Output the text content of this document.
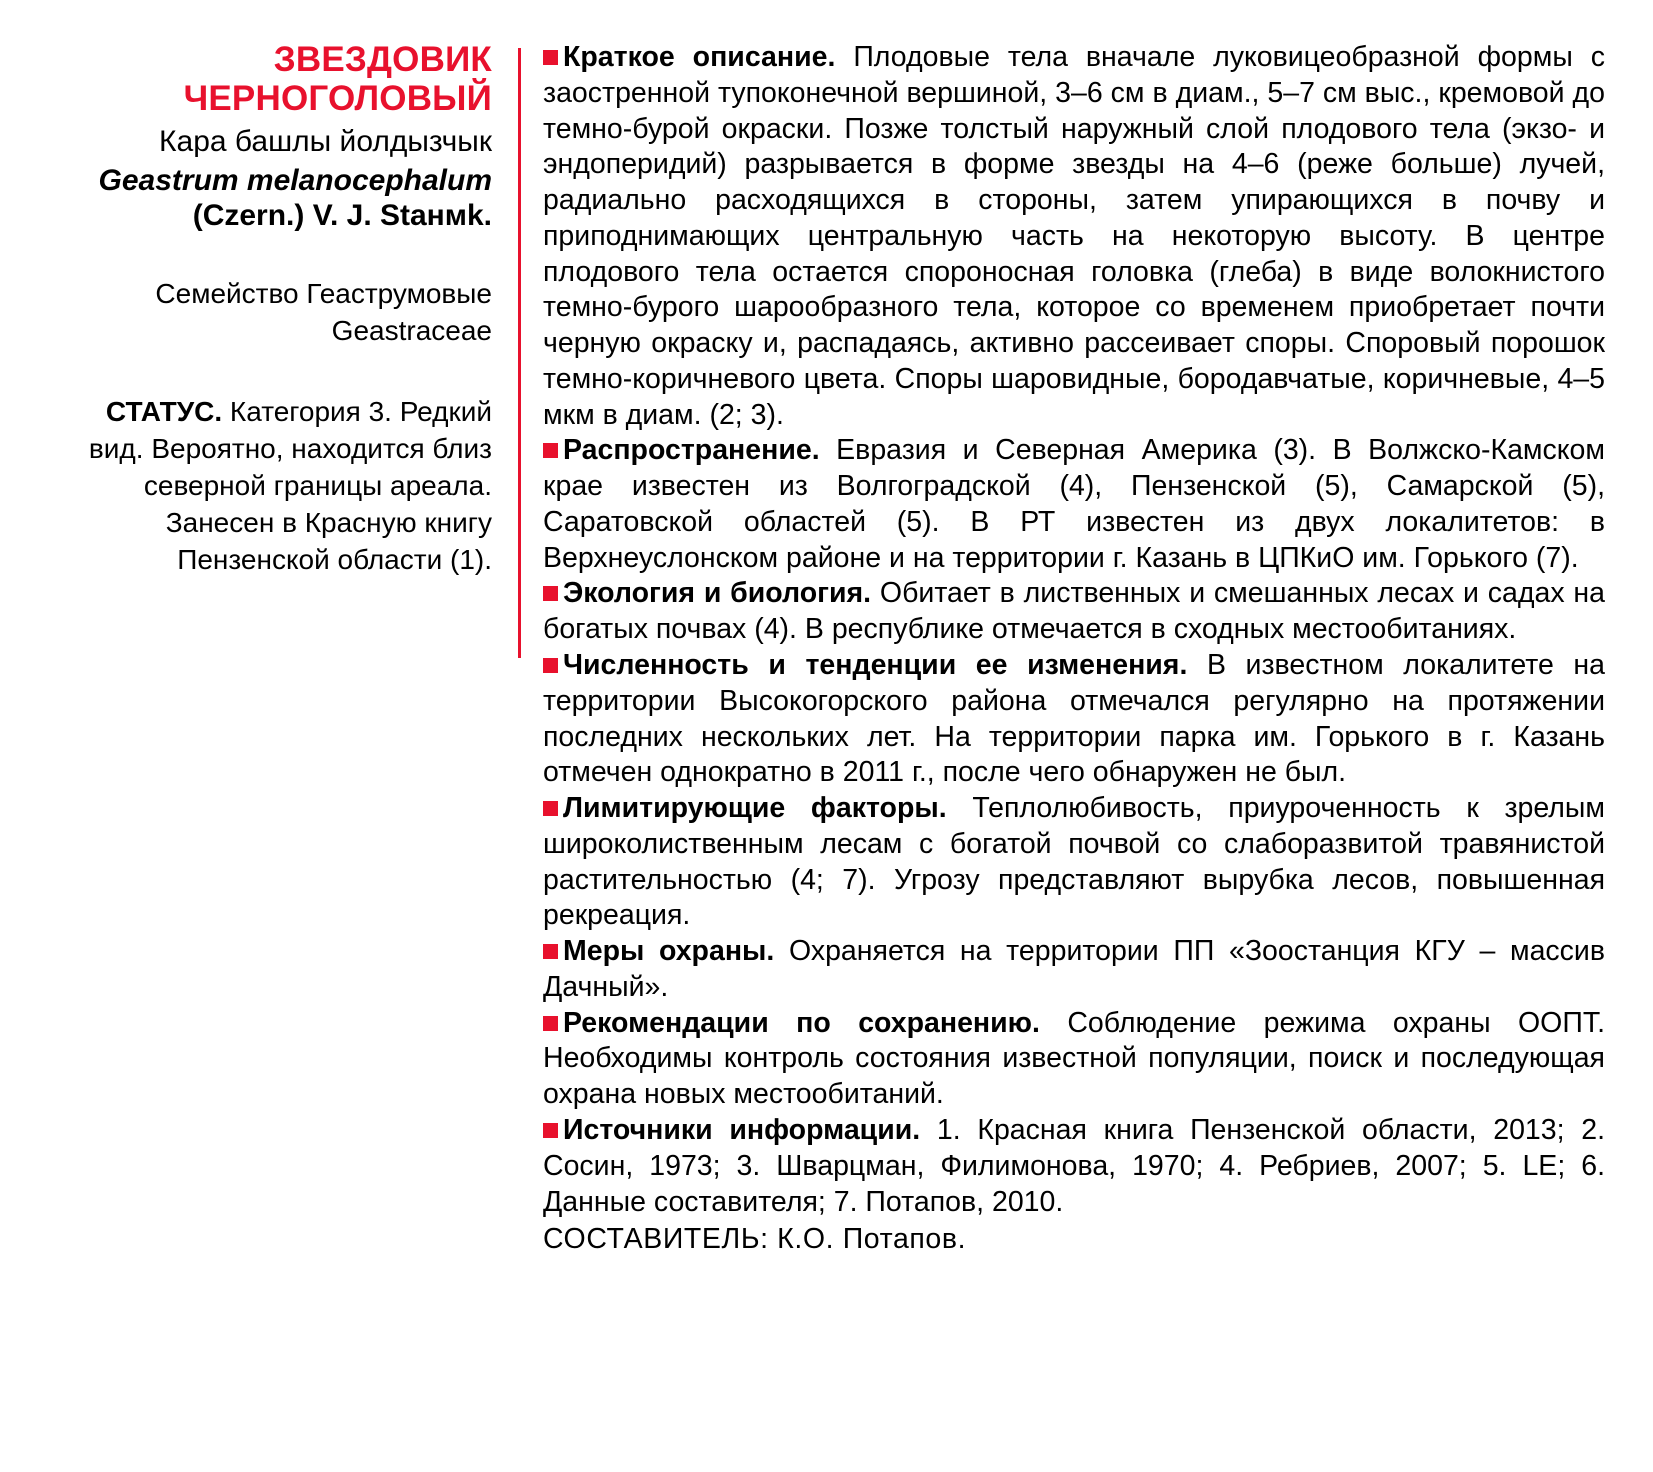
ЗВЕЗДОВИК ЧЕРНОГОЛОВЫЙ
Кара башлы йолдызчык
Geastrum melanocephalum
(Czern.) V. J. Staнмk.
Семейство Геаструмовые
Geastraceae
СТАТУС. Категория 3. Редкий вид. Вероятно, находится близ северной границы ареала. Занесен в Красную книгу Пензенской области (1).

Краткое описание. Плодовые тела вначале луковицеобразной формы с заостренной тупоконечной вершиной, 3–6 см в диам., 5–7 см выс., кремовой до темно-бурой окраски. Позже толстый наружный слой плодового тела (экзо- и эндоперидий) разрывается в форме звезды на 4–6 (реже больше) лучей, радиально расходящихся в стороны, затем упирающихся в почву и приподнимающих центральную часть на некоторую высоту. В центре плодового тела остается спороносная головка (глеба) в виде волокнистого темно-бурого шарообразного тела, которое со временем приобретает почти черную окраску и, распадаясь, активно рассеивает споры. Споровый порошок темно-коричневого цвета. Споры шаровидные, бородавчатые, коричневые, 4–5 мкм в диам. (2; 3).

Распространение. Евразия и Северная Америка (3). В Волжско-Камском крае известен из Волгоградской (4), Пензенской (5), Самарской (5), Саратовской областей (5). В РТ известен из двух локалитетов: в Верхнеуслонском районе и на территории г. Казань в ЦПКиО им. Горького (7).

Экология и биология. Обитает в лиственных и смешанных лесах и садах на богатых почвах (4). В республике отмечается в сходных местообитаниях.

Численность и тенденции ее изменения. В известном локалитете на территории Высокогорского района отмечался регулярно на протяжении последних нескольких лет. На территории парка им. Горького в г. Казань отмечен однократно в 2011 г., после чего обнаружен не был.

Лимитирующие факторы. Теплолюбивость, приуроченность к зрелым широколиственным лесам с богатой почвой со слаборазвитой травянистой растительностью (4; 7). Угрозу представляют вырубка лесов, повышенная рекреация.

Меры охраны. Охраняется на территории ПП «Зоостанция КГУ – массив Дачный».

Рекомендации по сохранению. Соблюдение режима охраны ООПТ. Необходимы контроль состояния известной популяции, поиск и последующая охрана новых местообитаний.

Источники информации. 1. Красная книга Пензенской области, 2013; 2. Сосин, 1973; 3. Шварцман, Филимонова, 1970; 4. Ребриев, 2007; 5. LE; 6. Данные составителя; 7. Потапов, 2010.

СОСТАВИТЕЛЬ: К.О. Потапов.
